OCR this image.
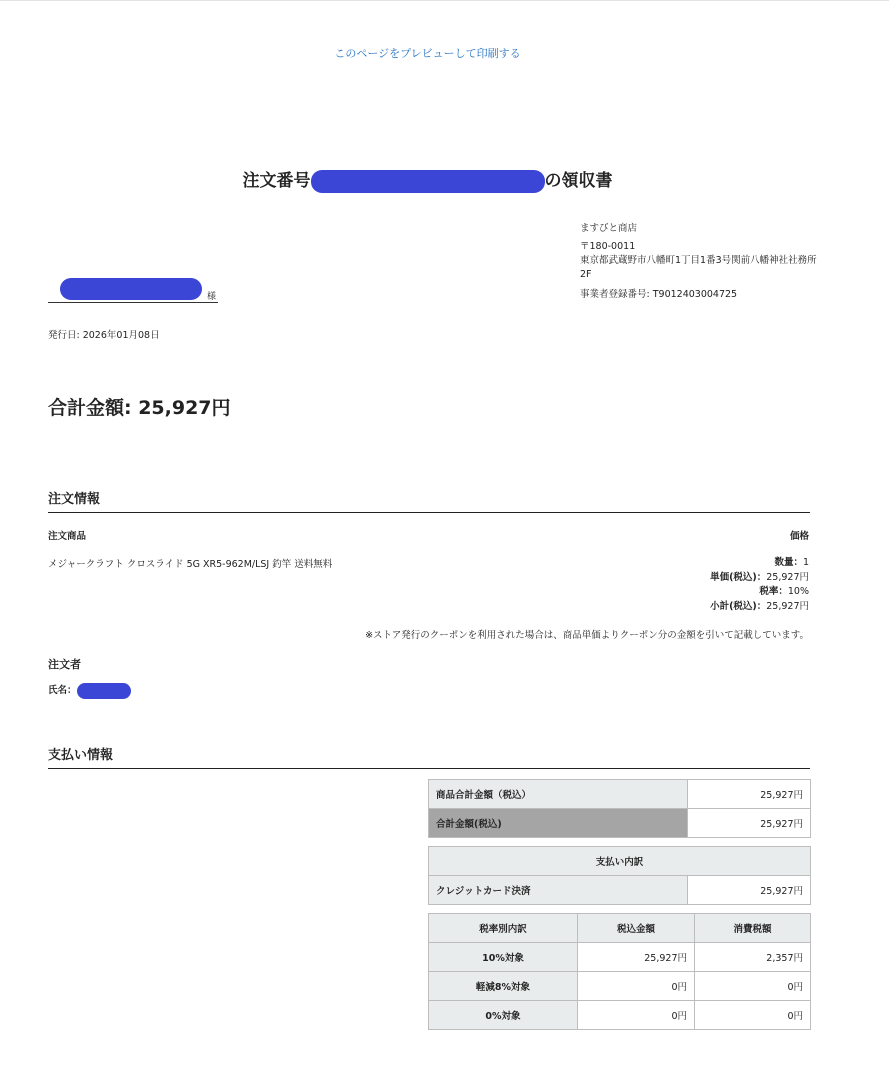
このページをプレビューして印刷する
注文番号	の領収書
様
ますびと商店
〒180-0011
東京都武蔵野市八幡町1丁目1番3号関前八幡神社社務所2F
事業者登録番号: T9012403004725
発行日: 2026年01月08日
合計金額: 25,927円
注文情報
注文商品	価格
メジャークラフト クロスライド 5G XR5-962M/LSJ 釣竿 送料無料	数量：1
単価(税込)：25,927円
税率：10%
小計(税込)：25,927円
※ストア発行のクーポンを利用された場合は、商品単価よりクーポン分の金額を引いて記載しています。
注文者
氏名：
支払い情報
商品合計金額（税込）	25,927円
合計金額(税込)	25,927円
支払い内訳
クレジットカード決済	25,927円
税率別内訳	税込金額	消費税額
10%対象	25,927円	2,357円
軽減8%対象	0円	0円
0%対象	0円	0円
